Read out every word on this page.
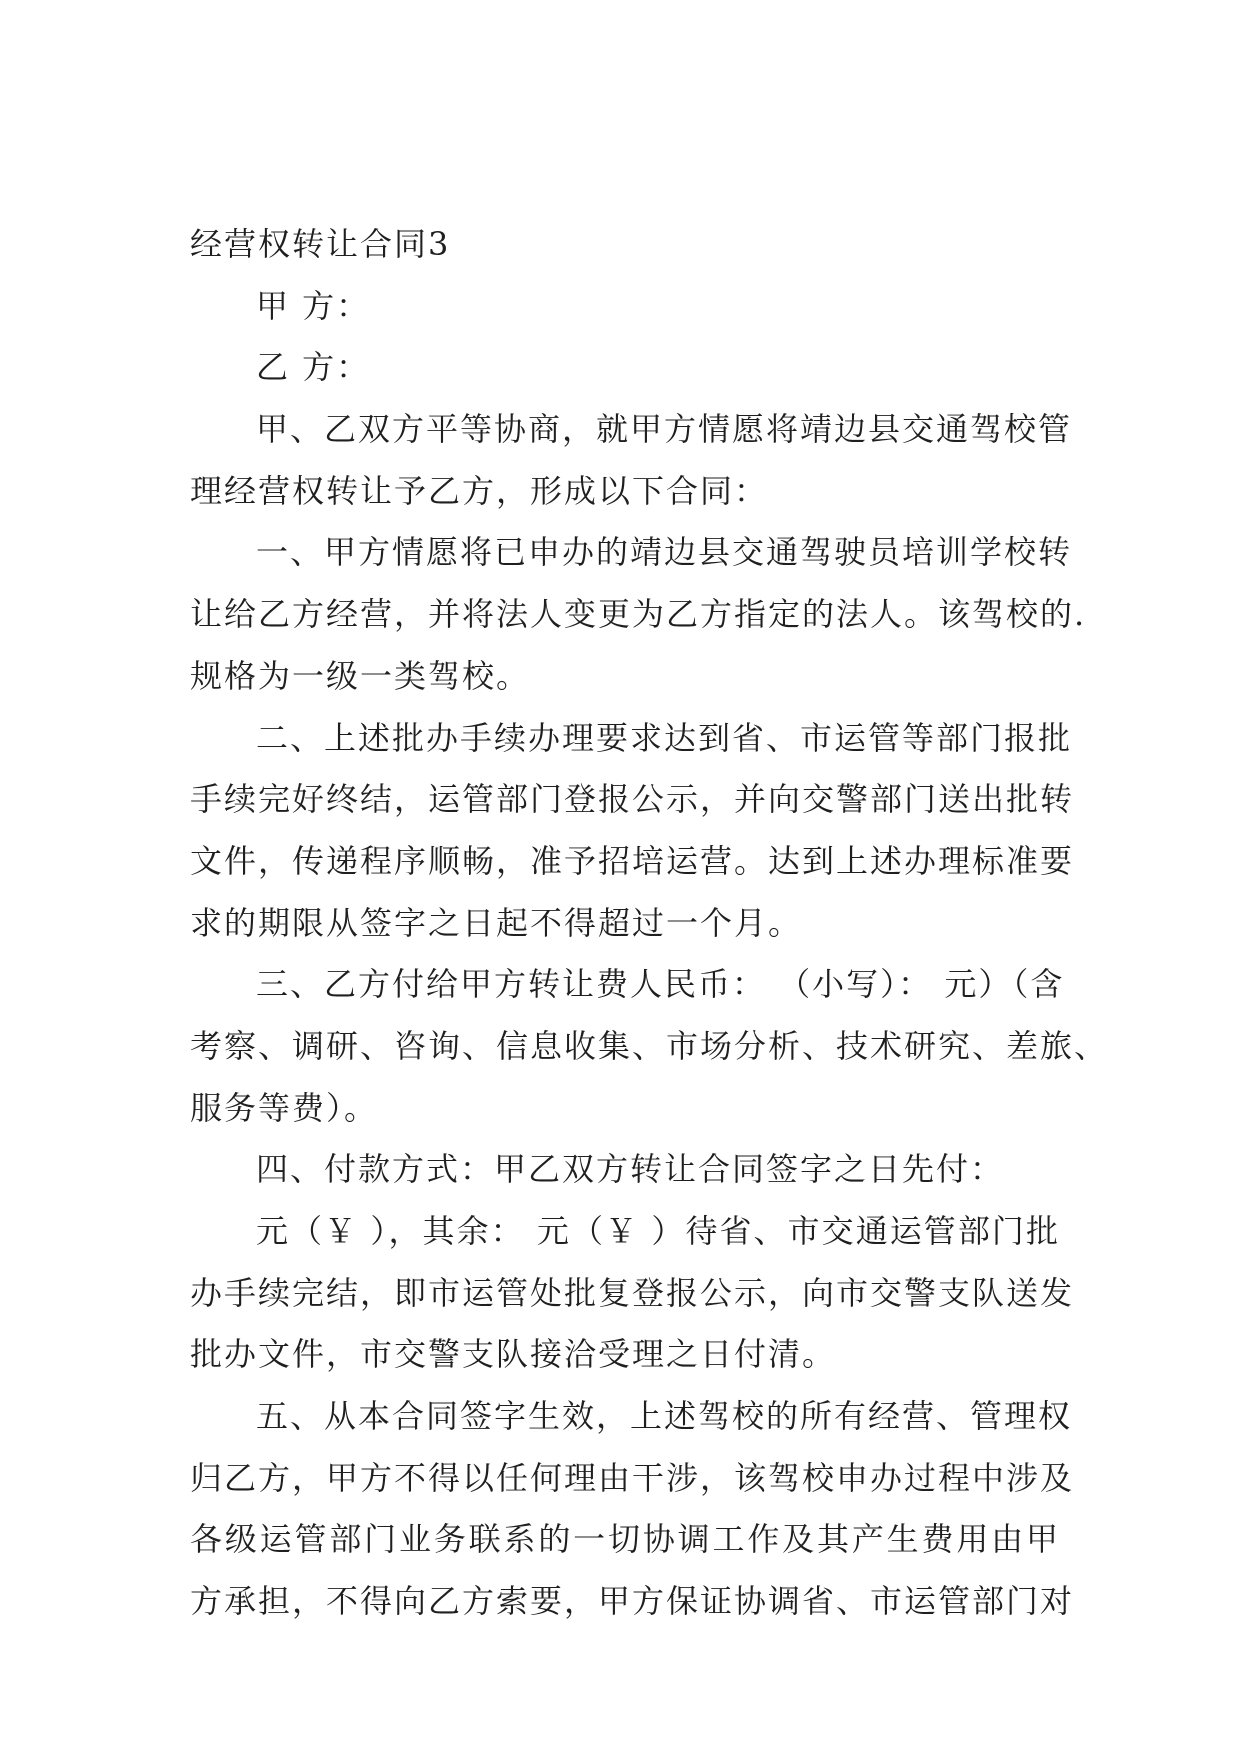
经营权转让合同3
甲 方：
乙 方：
甲、乙双方平等协商，就甲方情愿将靖边县交通驾校管
理经营权转让予乙方，形成以下合同：
一、甲方情愿将已申办的靖边县交通驾驶员培训学校转
让给乙方经营，并将法人变更为乙方指定的法人。该驾校的.
规格为一级一类驾校。
二、上述批办手续办理要求达到省、市运管等部门报批
手续完好终结，运管部门登报公示，并向交警部门送出批转
文件，传递程序顺畅，准予招培运营。达到上述办理标准要
求的期限从签字之日起不得超过一个月。
三、乙方付给甲方转让费人民币： （小写）： 元）（含
考察、调研、咨询、信息收集、市场分析、技术研究、差旅、
服务等费）。
四、付款方式：甲乙双方转让合同签字之日先付：
元（￥ ），其余： 元（￥ ）待省、市交通运管部门批
办手续完结，即市运管处批复登报公示，向市交警支队送发
批办文件，市交警支队接洽受理之日付清。
五、从本合同签字生效，上述驾校的所有经营、管理权
归乙方，甲方不得以任何理由干涉，该驾校申办过程中涉及
各级运管部门业务联系的一切协调工作及其产生费用由甲
方承担，不得向乙方索要，甲方保证协调省、市运管部门对
